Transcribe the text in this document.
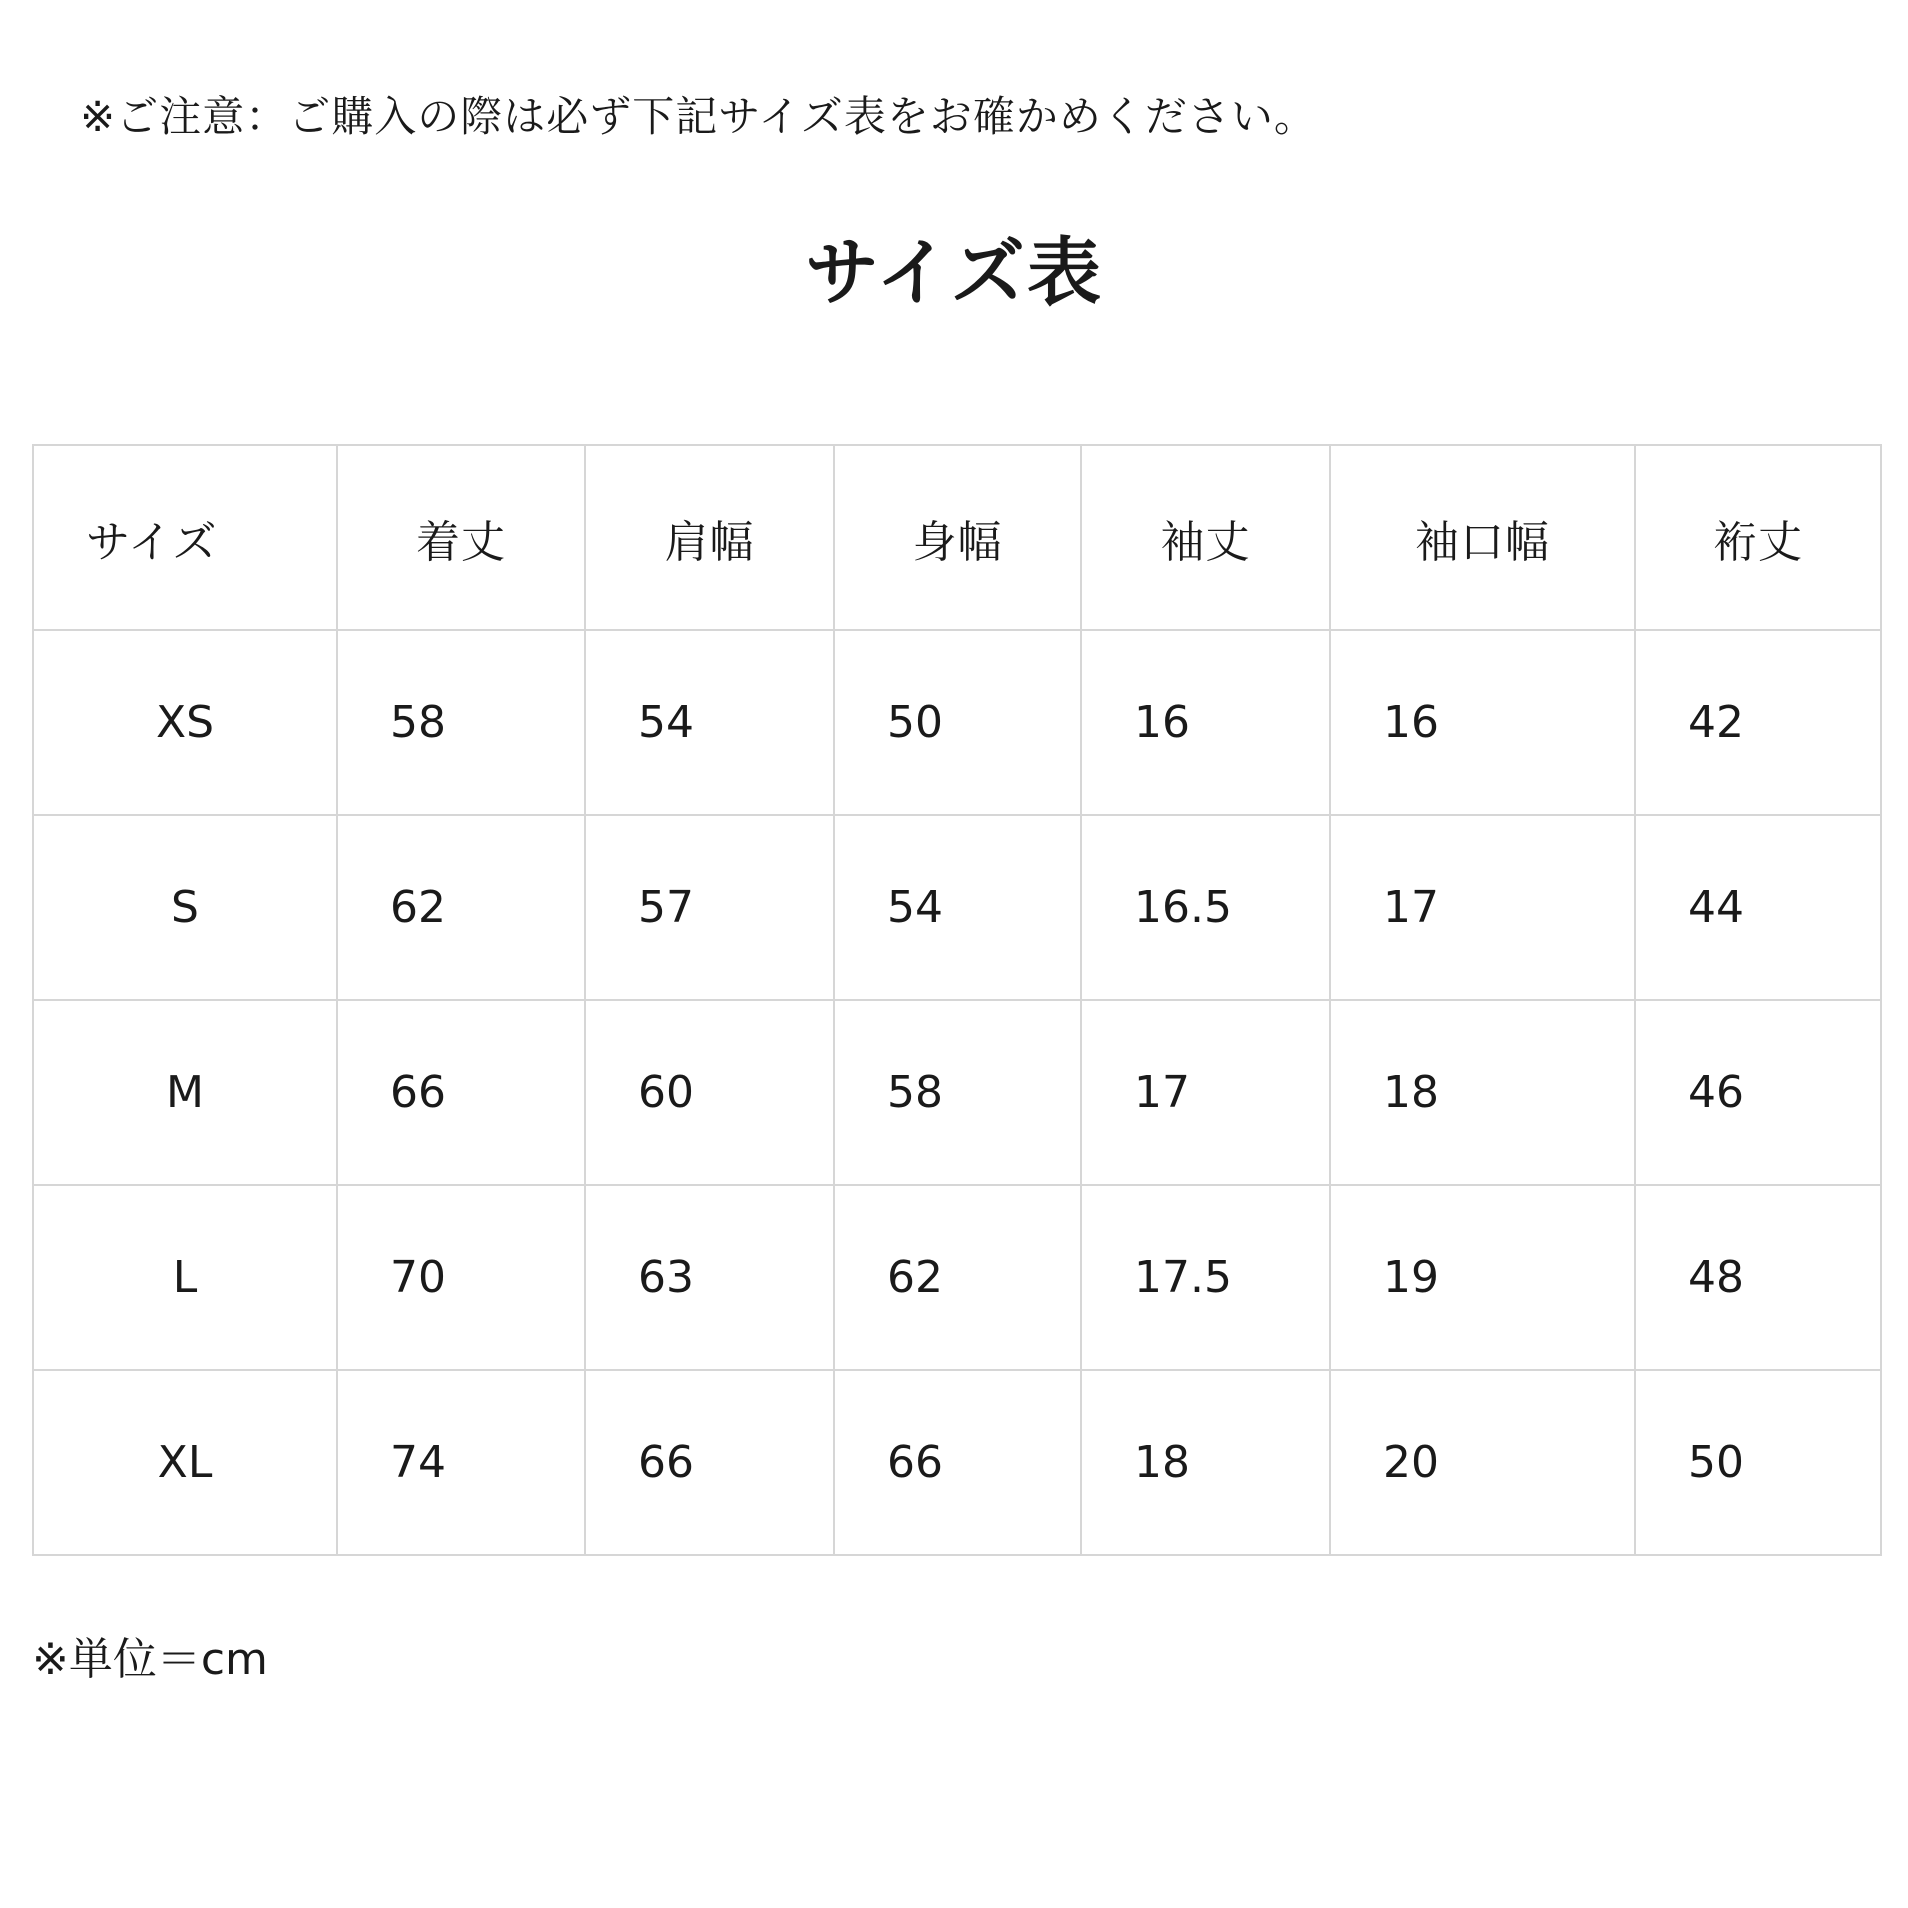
※ご注意：ご購入の際は必ず下記サイズ表をお確かめください。
サイズ表
サイズ	着丈	肩幅	身幅	袖丈	袖口幅	裄丈
XS	58	54	50	16	16	42
S	62	57	54	16.5	17	44
M	66	60	58	17	18	46
L	70	63	62	17.5	19	48
XL	74	66	66	18	20	50
※単位＝cm
